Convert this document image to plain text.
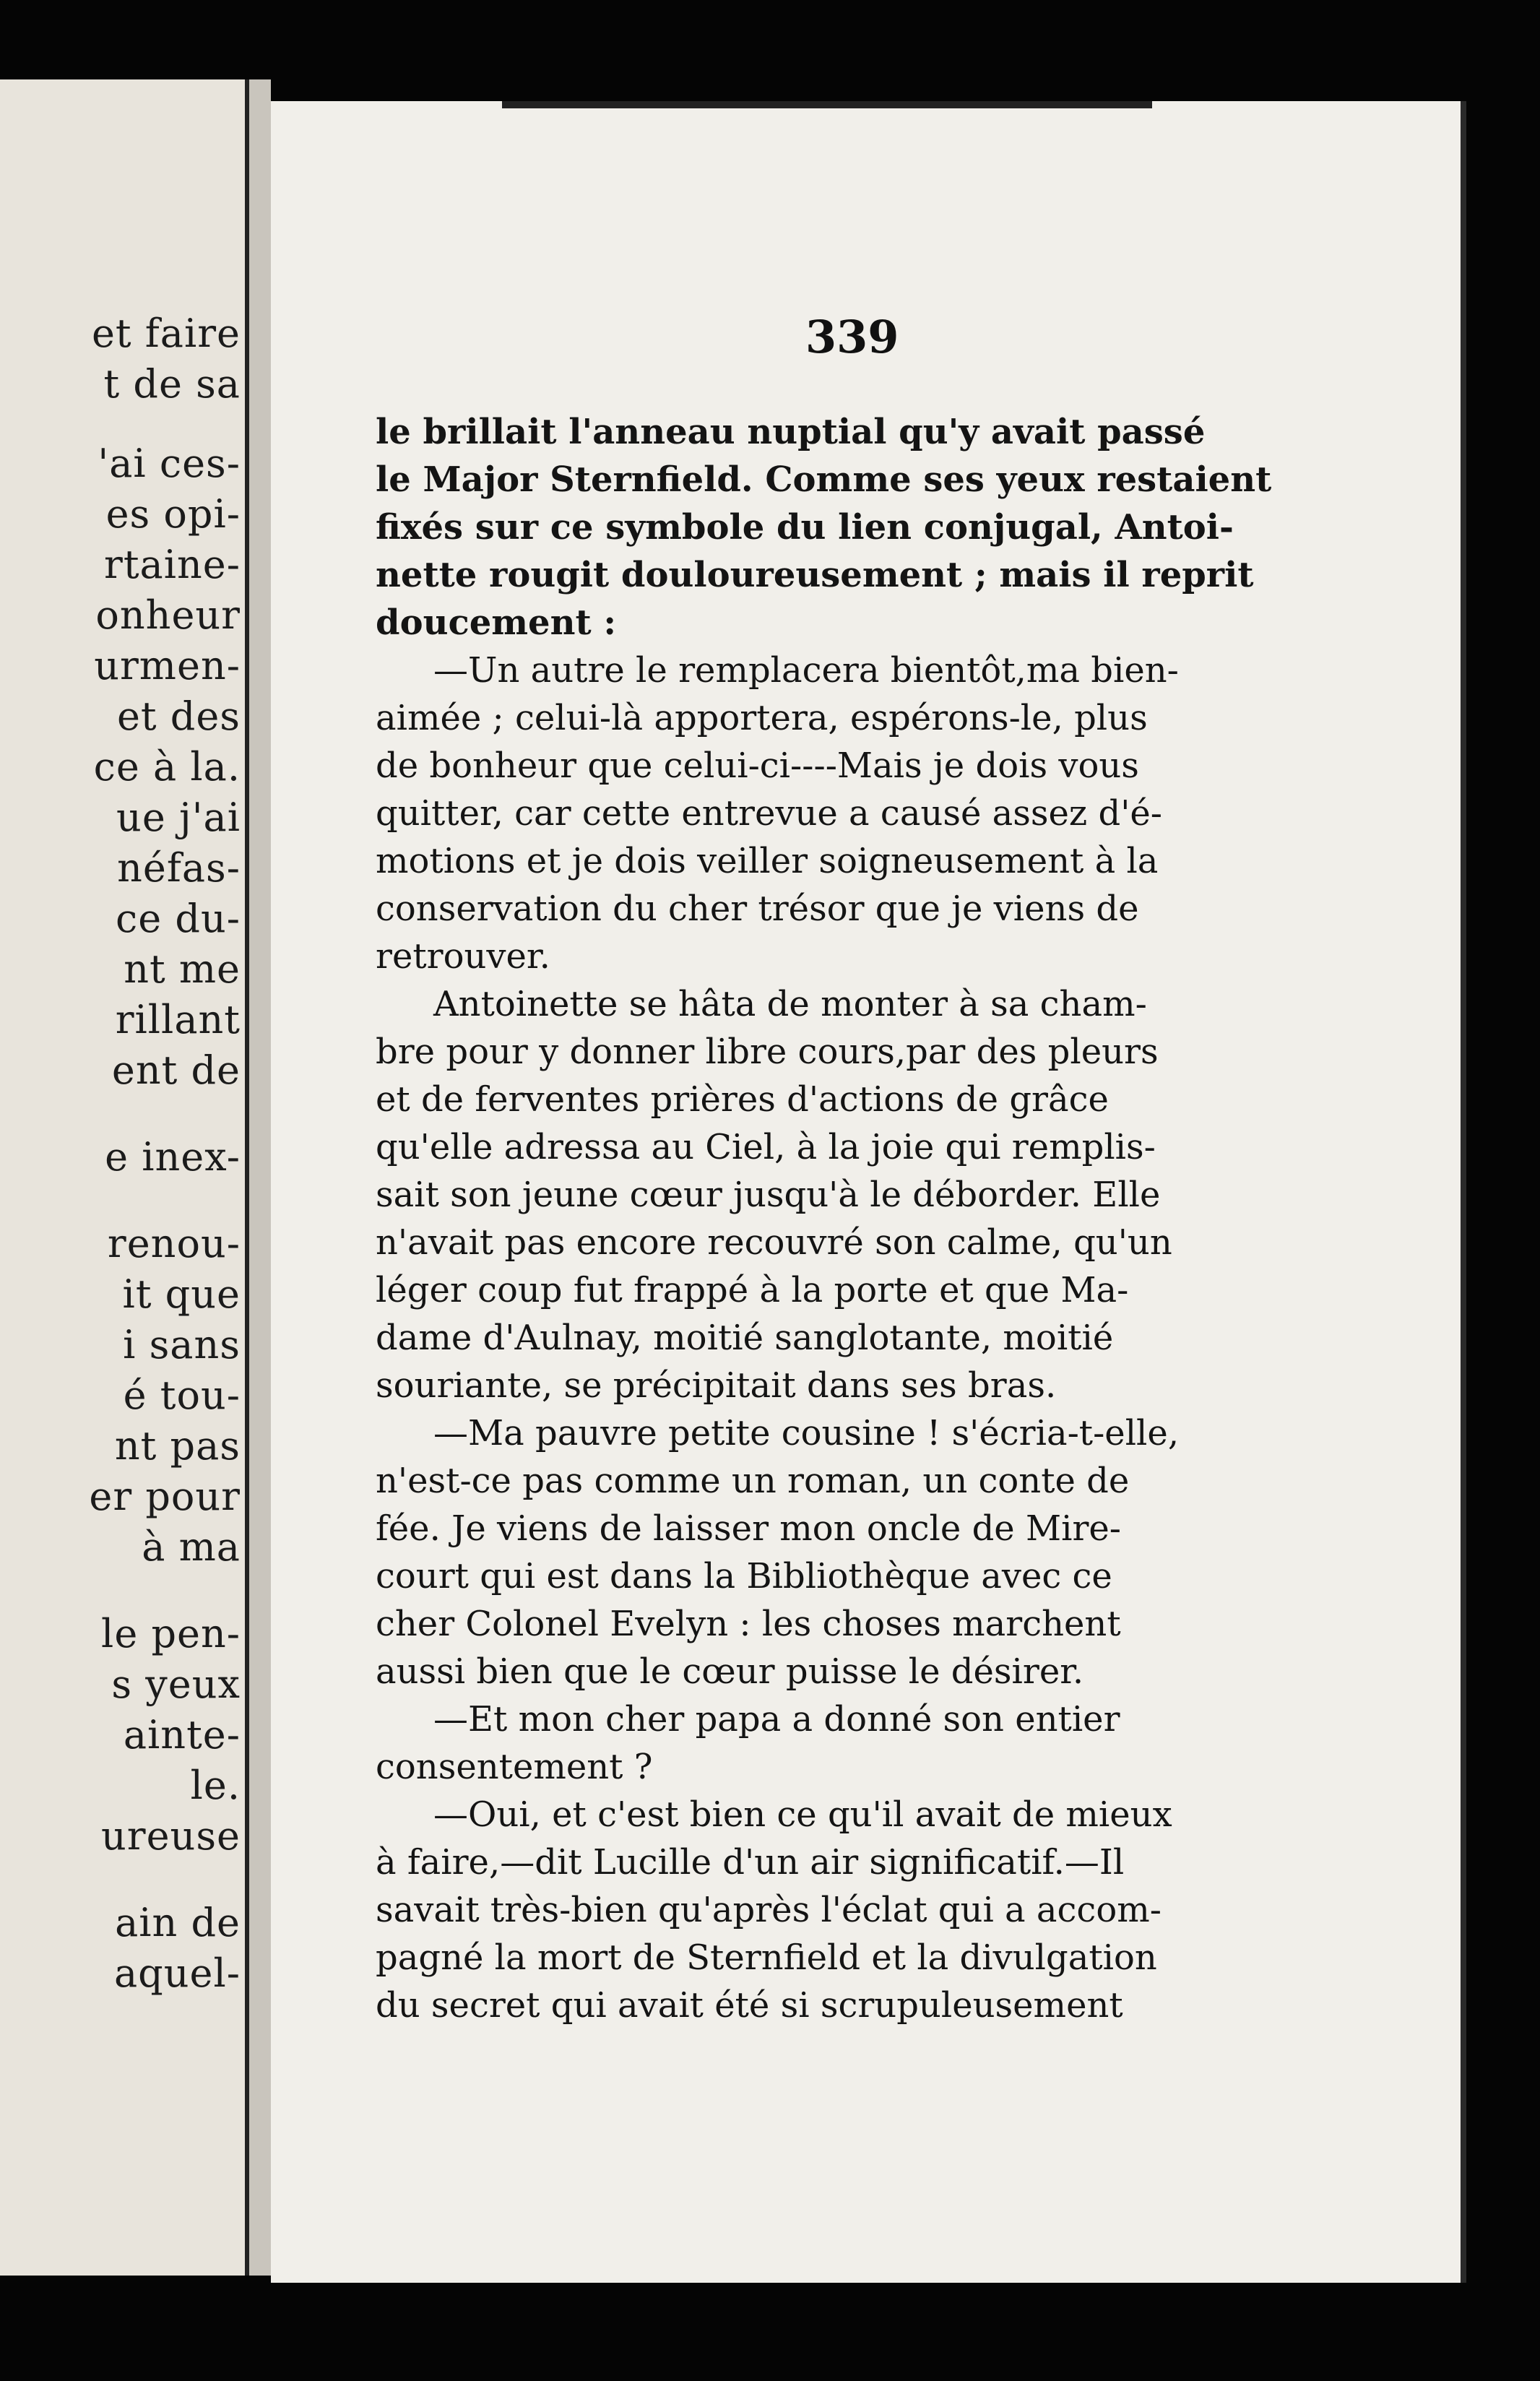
et faire
t de sa
'ai ces-
es opi-
rtaine-
onheur
urmen-
et des
ce à la.
ue j'ai
néfas-
ce du-
nt me
rillant
ent de
e inex-
renou-
it que
i sans
é tou-
nt pas
er pour
à ma
le pen-
s yeux
ainte-
le.
ureuse
ain de
aquel-
339
le brillait l'anneau nuptial qu'y avait passé
le Major Sternfield. Comme ses yeux restaient
fixés sur ce symbole du lien conjugal, Antoi-
nette rougit douloureusement ; mais il reprit
doucement :
—Un autre le remplacera bientôt,ma bien-
aimée ; celui-là apportera, espérons-le, plus
de bonheur que celui-ci----Mais je dois vous
quitter, car cette entrevue a causé assez d'é-
motions et je dois veiller soigneusement à la
conservation du cher trésor que je viens de
retrouver.
Antoinette se hâta de monter à sa cham-
bre pour y donner libre cours,par des pleurs
et de ferventes prières d'actions de grâce
qu'elle adressa au Ciel, à la joie qui remplis-
sait son jeune cœur jusqu'à le déborder. Elle
n'avait pas encore recouvré son calme, qu'un
léger coup fut frappé à la porte et que Ma-
dame d'Aulnay, moitié sanglotante, moitié
souriante, se précipitait dans ses bras.
—Ma pauvre petite cousine ! s'écria-t-elle,
n'est-ce pas comme un roman, un conte de
fée. Je viens de laisser mon oncle de Mire-
court qui est dans la Bibliothèque avec ce
cher Colonel Evelyn : les choses marchent
aussi bien que le cœur puisse le désirer.
—Et mon cher papa a donné son entier
consentement ?
—Oui, et c'est bien ce qu'il avait de mieux
à faire,—dit Lucille d'un air significatif.—Il
savait très-bien qu'après l'éclat qui a accom-
pagné la mort de Sternfield et la divulgation
du secret qui avait été si scrupuleusement
